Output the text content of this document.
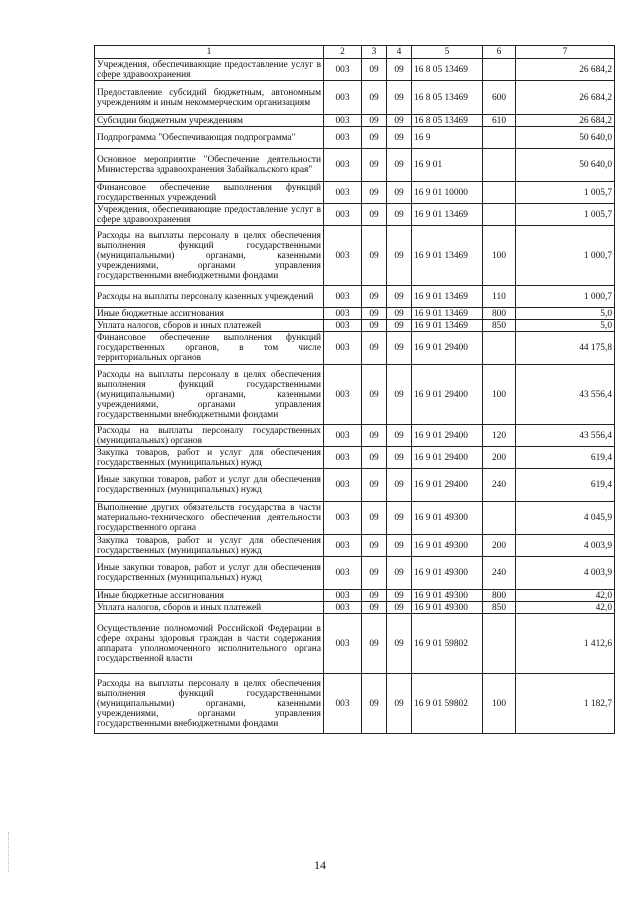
1	2	3	4	5	6	7
Учреждения, обеспечивающие предоставление услуг в сфере здравоохранения	003	09	09	16 8 05 13469		26 684,2
Предоставление субсидий бюджетным, автономным учреждениям и иным некоммерческим организациям	003	09	09	16 8 05 13469	600	26 684,2
Субсидии бюджетным учреждениям	003	09	09	16 8 05 13469	610	26 684,2
Подпрограмма "Обеспечивающая подпрограмма"	003	09	09	16 9		50 640,0
Основное мероприятие "Обеспечение деятельности Министерства здравоохранения Забайкальского края"	003	09	09	16 9 01		50 640,0
Финансовое обеспечение выполнения функций государственных учреждений	003	09	09	16 9 01 10000		1 005,7
Учреждения, обеспечивающие предоставление услуг в сфере здравоохранения	003	09	09	16 9 01 13469		1 005,7
Расходы на выплаты персоналу в целях обеспечения выполнения функций государственными (муниципальными) органами, казенными учреждениями, органами управления государственными внебюджетными фондами	003	09	09	16 9 01 13469	100	1 000,7
Расходы на выплаты персоналу казенных учреждений	003	09	09	16 9 01 13469	110	1 000,7
Иные бюджетные ассигнования	003	09	09	16 9 01 13469	800	5,0
Уплата налогов, сборов и иных платежей	003	09	09	16 9 01 13469	850	5,0
Финансовое обеспечение выполнения функций государственных органов, в том числе территориальных органов	003	09	09	16 9 01 29400		44 175,8
Расходы на выплаты персоналу в целях обеспечения выполнения функций государственными (муниципальными) органами, казенными учреждениями, органами управления государственными внебюджетными фондами	003	09	09	16 9 01 29400	100	43 556,4
Расходы на выплаты персоналу государственных (муниципальных) органов	003	09	09	16 9 01 29400	120	43 556,4
Закупка товаров, работ и услуг для обеспечения государственных (муниципальных) нужд	003	09	09	16 9 01 29400	200	619,4
Иные закупки товаров, работ и услуг для обеспечения государственных (муниципальных) нужд	003	09	09	16 9 01 29400	240	619,4
Выполнение других обязательств государства в части материально-технического обеспечения деятельности государственного органа	003	09	09	16 9 01 49300		4 045,9
Закупка товаров, работ и услуг для обеспечения государственных (муниципальных) нужд	003	09	09	16 9 01 49300	200	4 003,9
Иные закупки товаров, работ и услуг для обеспечения государственных (муниципальных) нужд	003	09	09	16 9 01 49300	240	4 003,9
Иные бюджетные ассигнования	003	09	09	16 9 01 49300	800	42,0
Уплата налогов, сборов и иных платежей	003	09	09	16 9 01 49300	850	42,0
Осуществление полномочий Российской Федерации в сфере охраны здоровья граждан в части содержания аппарата уполномоченного исполнительного органа государственной власти	003	09	09	16 9 01 59802		1 412,6
Расходы на выплаты персоналу в целях обеспечения выполнения функций государственными (муниципальными) органами, казенными учреждениями, органами управления государственными внебюджетными фондами	003	09	09	16 9 01 59802	100	1 182,7
14
